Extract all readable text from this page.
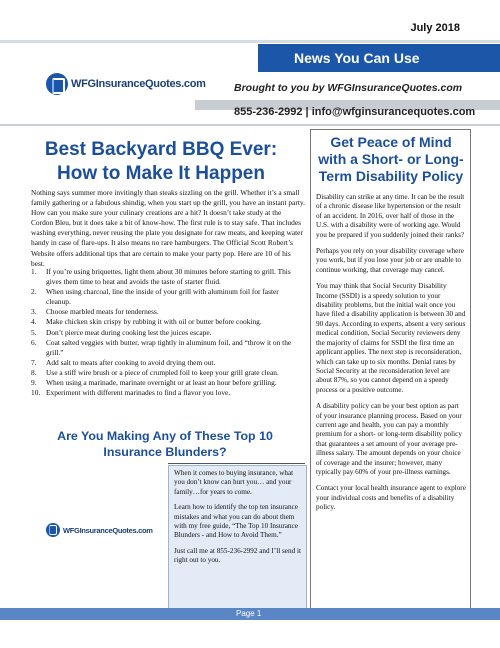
July 2018
News You Can Use
WFGInsuranceQuotes.com	Brought to you by WFGInsuranceQuotes.com
855-236-2992 | info@wfginsurancequotes.com
Best Backyard BBQ Ever:
How to Make It Happen
Nothing says summer more invitingly than steaks sizzling on the grill. Whether it’s a small family gathering or a fabulous shindig, when you start up the grill, you have an instant party. How can you make sure your culinary creations are a hit? It doesn’t take study at the Cordon Bleu, but it does take a bit of know-how. The first rule is to stay safe. That includes washing everything, never reusing the plate you designate for raw meats, and keeping water handy in case of flare-ups. It also means no rare hamburgers. The Official Scott Robert’s Website offers additional tips that are certain to make your party pop. Here are 10 of his best.
1.	If you’re using briquettes, light them about 30 minutes before starting to grill. This gives them time to heat and avoids the taste of starter fluid.
2.	When using charcoal, line the inside of your grill with aluminum foil for faster cleanup.
3.	Choose marbled meats for tenderness.
4.	Make chicken skin crispy by rubbing it with oil or butter before cooking.
5.	Don’t pierce meat during cooking lest the juices escape.
6.	Coat salted veggies with butter, wrap tightly in aluminum foil, and “throw it on the grill.”
7.	Add salt to meats after cooking to avoid drying them out.
8.	Use a stiff wire brush or a piece of crumpled foil to keep your grill grate clean.
9.	When using a marinade, marinate overnight or at least an hour before grilling.
10. Experiment with different marinades to find a flavor you love.
Are You Making Any of These Top 10
Insurance Blunders?
WFGInsuranceQuotes.com

When it comes to buying insurance, what you don’t know can hurt you… and your family…for years to come.

Learn how to identify the top ten insurance mistakes and what you can do about them with my free guide, “The Top 10 Insurance Blunders - and How to Avoid Them.”

Just call me at 855-236-2992 and I’ll send it right out to you.

Get Peace of Mind with a Short- or Long-Term Disability Policy

Disability can strike at any time. It can be the result of a chronic disease like hypertension or the result of an accident. In 2016, over half of those in the U.S. with a disability were of working age. Would you be prepared if you suddenly joined their ranks?

Perhaps you rely on your disability coverage where you work, but if you lose your job or are unable to continue working, that coverage may cancel.

You may think that Social Security Disability Income (SSDI) is a speedy solution to your disability problems, but the initial wait once you have filed a disability application is between 30 and 90 days. According to experts, absent a very serious medical condition, Social Security reviewers deny the majority of claims for SSDI the first time an applicant applies. The next step is reconsideration, which can take up to six months. Denial rates by Social Security at the reconsideration level are about 87%, so you cannot depend on a speedy process or a positive outcome.

A disability policy can be your best option as part of your insurance planning process. Based on your current age and health, you can pay a monthly premium for a short- or long-term disability policy that guarantees a set amount of your average pre-illness salary. The amount depends on your choice of coverage and the insurer; however, many typically pay 60% of your pre-illness earnings.

Contact your local health insurance agent to explore your individual costs and benefits of a disability policy.

Page 1
